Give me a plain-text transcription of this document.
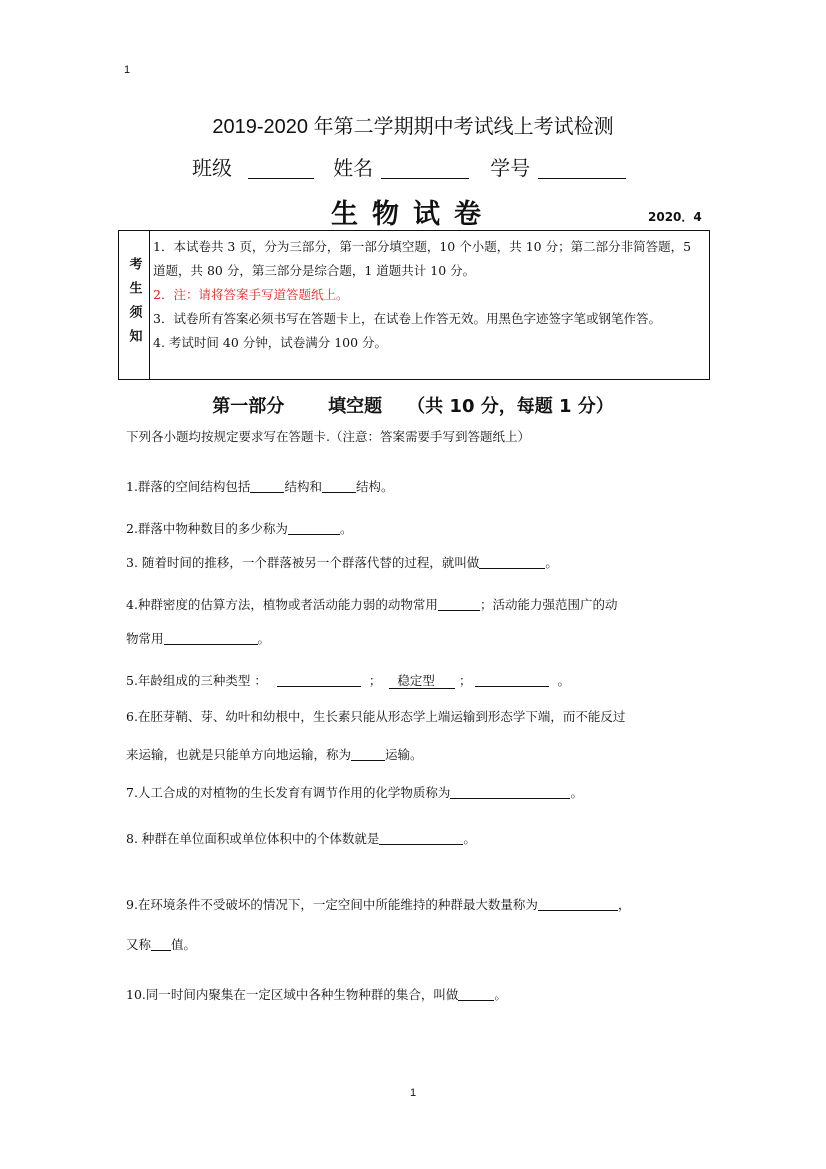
1
2019-2020 年第二学期期中考试线上考试检测
班级	姓名	学号
生物试卷	2020．4
考生须知
1．本试卷共 3 页，分为三部分，第一部分填空题，10 个小题，共 10 分；第二部分非简答题，5 道题，共 80 分，第三部分是综合题，1 道题共计 10 分。
2．注：请将答案手写道答题纸上。
3．试卷所有答案必须书写在答题卡上，在试卷上作答无效。用黑色字迹签字笔或钢笔作答。
4. 考试时间 40 分钟，试卷满分 100 分。
第一部分 填空题 （共 10 分，每题 1 分）
下列各小题均按规定要求写在答题卡.（注意：答案需要手写到答题纸上）
1.群落的空间结构包括	结构和	结构。
2.群落中物种数目的多少称为	。
3. 随着时间的推移，一个群落被另一个群落代替的过程，就叫做	。
4.种群密度的估算方法，植物或者活动能力弱的动物常用	；活动能力强范围广的动
物常用	。
5.年龄组成的三种类型 ：	； 稳定型 ；	。
6.在胚芽鞘、芽、幼叶和幼根中，生长素只能从形态学上端运输到形态学下端，而不能反过
来运输，也就是只能单方向地运输，称为	运输。
7.人工合成的对植物的生长发育有调节作用的化学物质称为	。
8. 种群在单位面积或单位体积中的个体数就是	。
9.在环境条件不受破坏的情况下，一定空间中所能维持的种群最大数量称为	，
又称 值。
10.同一时间内聚集在一定区域中各种生物种群的集合，叫做	。
1
